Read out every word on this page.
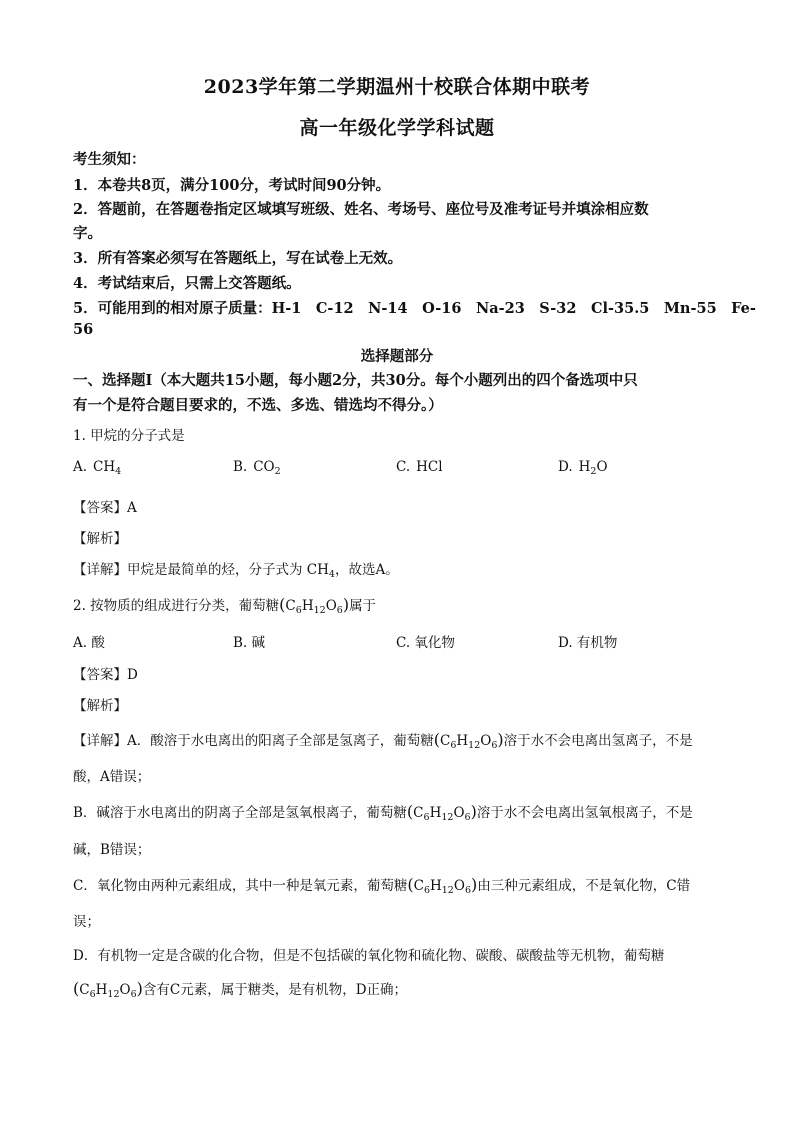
2023学年第二学期温州十校联合体期中联考
高一年级化学学科试题
考生须知：
1．本卷共8页，满分100分，考试时间90分钟。
2．答题前，在答题卷指定区域填写班级、姓名、考场号、座位号及准考证号并填涂相应数
字。
3．所有答案必须写在答题纸上，写在试卷上无效。
4．考试结束后，只需上交答题纸。
5．可能用到的相对原子质量：H-1　C-12　N-14　O-16　Na-23　S-32　Cl-35.5　Mn-55　Fe-
56
选择题部分
一、选择题Ⅰ（本大题共15小题，每小题2分，共30分。每个小题列出的四个备选项中只
有一个是符合题目要求的，不选、多选、错选均不得分。）
1. 甲烷的分子式是
A. $CH_4$	B. $CO_2$	C. HCl	D. $H_2O$
【答案】A
【解析】
【详解】甲烷是最简单的烃，分子式为 $CH_4$，故选A。
2. 按物质的组成进行分类，葡萄糖$(C_6H_{12}O_6)$属于
A. 酸	B. 碱	C. 氧化物	D. 有机物
【答案】D
【解析】
【详解】A．酸溶于水电离出的阳离子全部是氢离子，葡萄糖$(C_6H_{12}O_6)$溶于水不会电离出氢离子，不是
酸，A错误；
B．碱溶于水电离出的阴离子全部是氢氧根离子，葡萄糖$(C_6H_{12}O_6)$溶于水不会电离出氢氧根离子，不是
碱，B错误；
C．氧化物由两种元素组成，其中一种是氧元素，葡萄糖$(C_6H_{12}O_6)$由三种元素组成，不是氧化物，C错
误；
D．有机物一定是含碳的化合物，但是不包括碳的氧化物和硫化物、碳酸、碳酸盐等无机物，葡萄糖
$(C_6H_{12}O_6)$含有C元素，属于糖类，是有机物，D正确；
